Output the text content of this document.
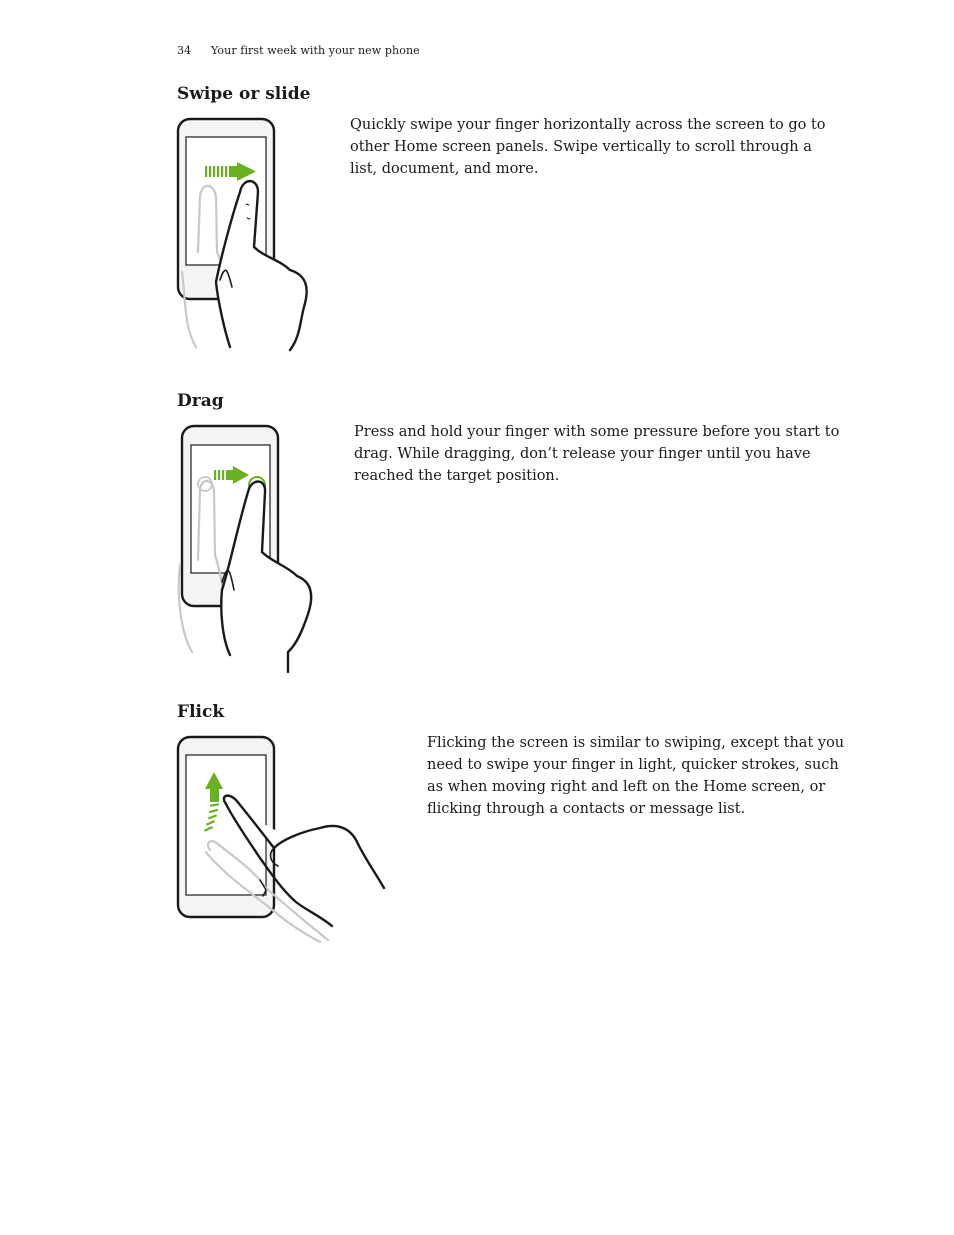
34 Your first week with your new phone
Swipe or slide

Quickly swipe your finger horizontally across the screen to go to other Home screen panels. Swipe vertically to scroll through a list, document, and more.

Drag

Press and hold your finger with some pressure before you start to drag. While dragging, don’t release your finger until you have reached the target position.

Flick

Flicking the screen is similar to swiping, except that you need to swipe your finger in light, quicker strokes, such as when moving right and left on the Home screen, or flicking through a contacts or message list.
